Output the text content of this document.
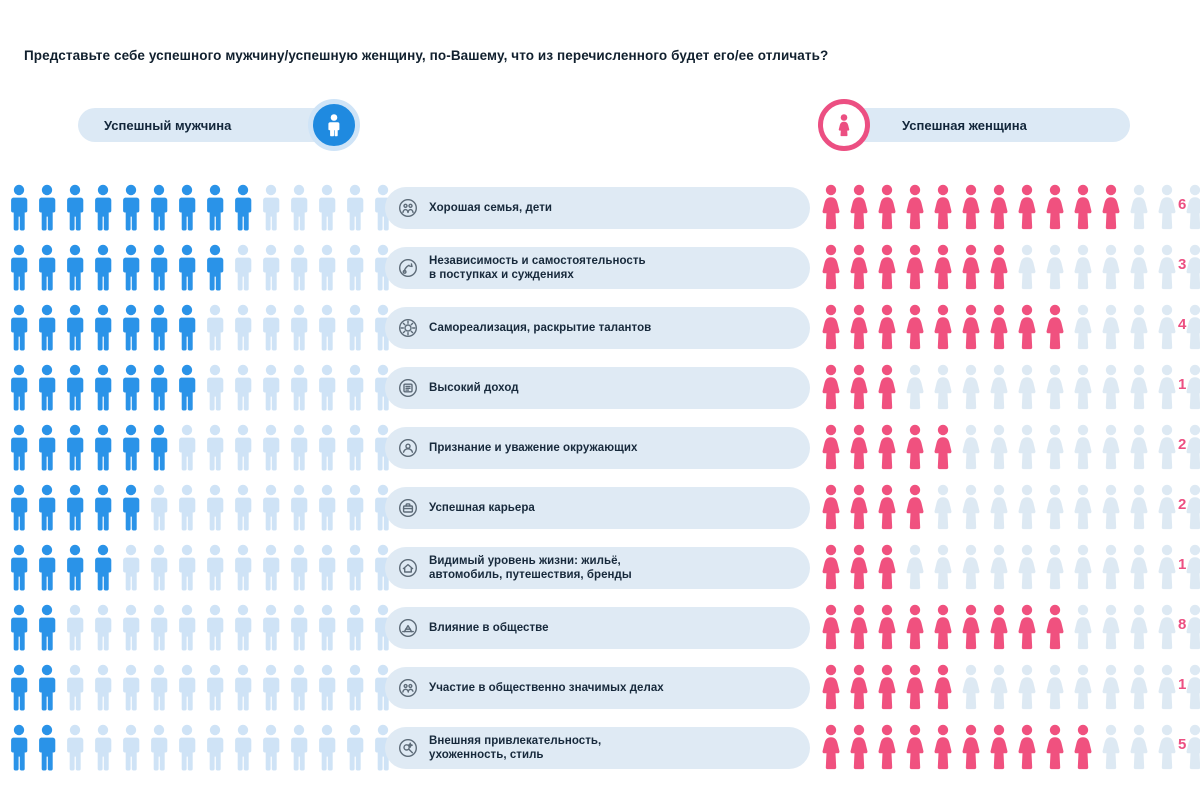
Представьте себе успешного мужчину/успешную женщину, по-Вашему, что из перечисленного будет его/ее отличать?
Успешный мужчина	Успешная женщина
Хорошая семья, дети	6
Независимость и самостоятельность
в поступках и суждениях
3
Самореализация, раскрытие талантов	4
Высокий доход	1
Признание и уважение окружающих	2
Успешная карьера	2
Видимый уровень жизни: жильё,
автомобиль, путешествия, бренды
1
Влияние в обществе	8
Участие в общественно значимых делах	1
Внешняя привлекательность,
ухоженность, стиль
5
